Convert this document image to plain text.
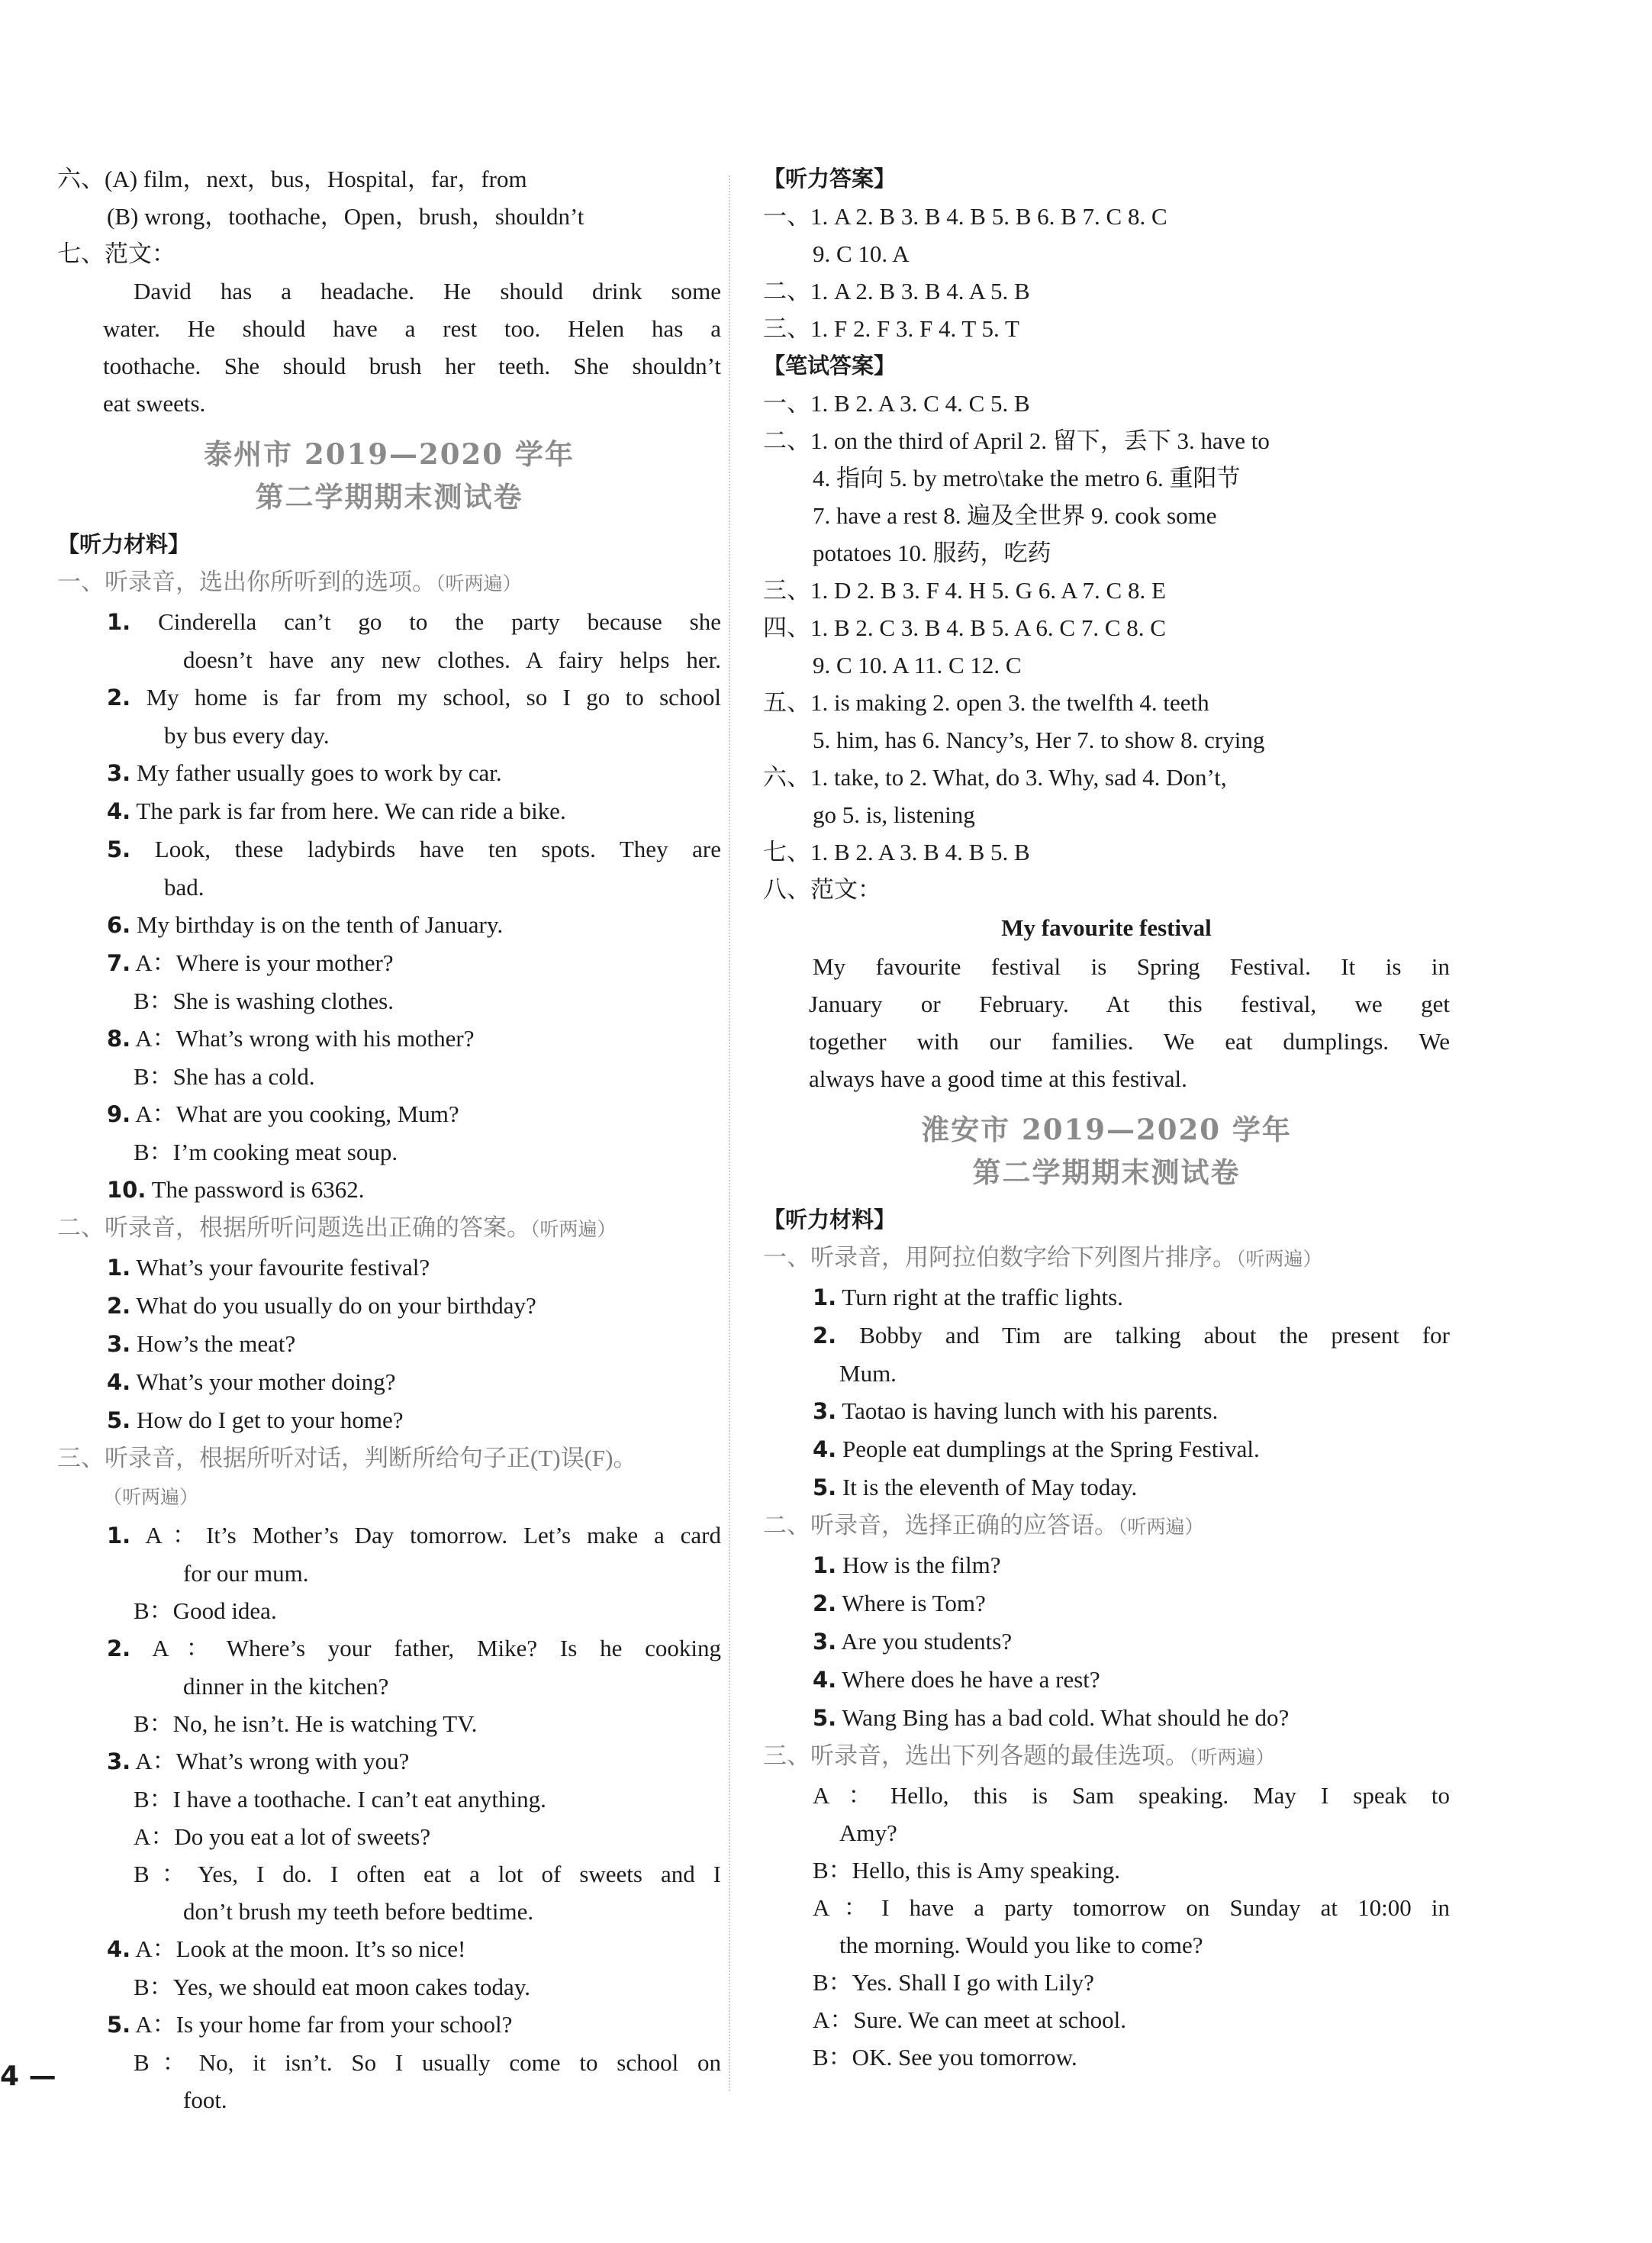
六、(A) film，next，bus，Hospital，far，from
(B) wrong，toothache，Open，brush，shouldn’t
七、范文：
David has a headache. He should drink some
water. He should have a rest too. Helen has a
toothache. She should brush her teeth. She shouldn’t
eat sweets.
泰州市 2019—2020 学年
第二学期期末测试卷
【听力材料】
一、听录音，选出你所听到的选项。（听两遍）
1. Cinderella can’t go to the party because she
doesn’t have any new clothes. A fairy helps her.
2. My home is far from my school, so I go to school
by bus every day.
3. My father usually goes to work by car.
4. The park is far from here. We can ride a bike.
5. Look, these ladybirds have ten spots. They are
bad.
6. My birthday is on the tenth of January.
7. A：Where is your mother?
B：She is washing clothes.
8. A：What’s wrong with his mother?
B：She has a cold.
9. A：What are you cooking, Mum?
B：I’m cooking meat soup.
10. The password is 6362.
二、听录音，根据所听问题选出正确的答案。（听两遍）
1. What’s your favourite festival?
2. What do you usually do on your birthday?
3. How’s the meat?
4. What’s your mother doing?
5. How do I get to your home?
三、听录音，根据所听对话，判断所给句子正(T)误(F)。
（听两遍）
1. A：It’s Mother’s Day tomorrow. Let’s make a card
for our mum.
B：Good idea.
2. A：Where’s your father, Mike? Is he cooking
dinner in the kitchen?
B：No, he isn’t. He is watching TV.
3. A：What’s wrong with you?
B：I have a toothache. I can’t eat anything.
A：Do you eat a lot of sweets?
B：Yes, I do. I often eat a lot of sweets and I
don’t brush my teeth before bedtime.
4. A：Look at the moon. It’s so nice!
B：Yes, we should eat moon cakes today.
5. A：Is your home far from your school?
B：No, it isn’t. So I usually come to school on
foot.
【听力答案】
一、1. A 2. B 3. B 4. B 5. B 6. B 7. C 8. C
9. C 10. A
二、1. A 2. B 3. B 4. A 5. B
三、1. F 2. F 3. F 4. T 5. T
【笔试答案】
一、1. B 2. A 3. C 4. C 5. B
二、1. on the third of April 2. 留下，丢下 3. have to
4. 指向 5. by metro\take the metro 6. 重阳节
7. have a rest 8. 遍及全世界 9. cook some
potatoes 10. 服药，吃药
三、1. D 2. B 3. F 4. H 5. G 6. A 7. C 8. E
四、1. B 2. C 3. B 4. B 5. A 6. C 7. C 8. C
9. C 10. A 11. C 12. C
五、1. is making 2. open 3. the twelfth 4. teeth
5. him, has 6. Nancy’s, Her 7. to show 8. crying
六、1. take, to 2. What, do 3. Why, sad 4. Don’t,
go 5. is, listening
七、1. B 2. A 3. B 4. B 5. B
八、范文：
My favourite festival
My favourite festival is Spring Festival. It is in
January or February. At this festival, we get
together with our families. We eat dumplings. We
always have a good time at this festival.
淮安市 2019—2020 学年
第二学期期末测试卷
【听力材料】
一、听录音，用阿拉伯数字给下列图片排序。（听两遍）
1. Turn right at the traffic lights.
2. Bobby and Tim are talking about the present for
Mum.
3. Taotao is having lunch with his parents.
4. People eat dumplings at the Spring Festival.
5. It is the eleventh of May today.
二、听录音，选择正确的应答语。（听两遍）
1. How is the film?
2. Where is Tom?
3. Are you students?
4. Where does he have a rest?
5. Wang Bing has a bad cold. What should he do?
三、听录音，选出下列各题的最佳选项。（听两遍）
A：Hello, this is Sam speaking. May I speak to
Amy?
B：Hello, this is Amy speaking.
A：I have a party tomorrow on Sunday at 10:00 in
the morning. Would you like to come?
B：Yes. Shall I go with Lily?
A：Sure. We can meet at school.
B：OK. See you tomorrow.
4 —
